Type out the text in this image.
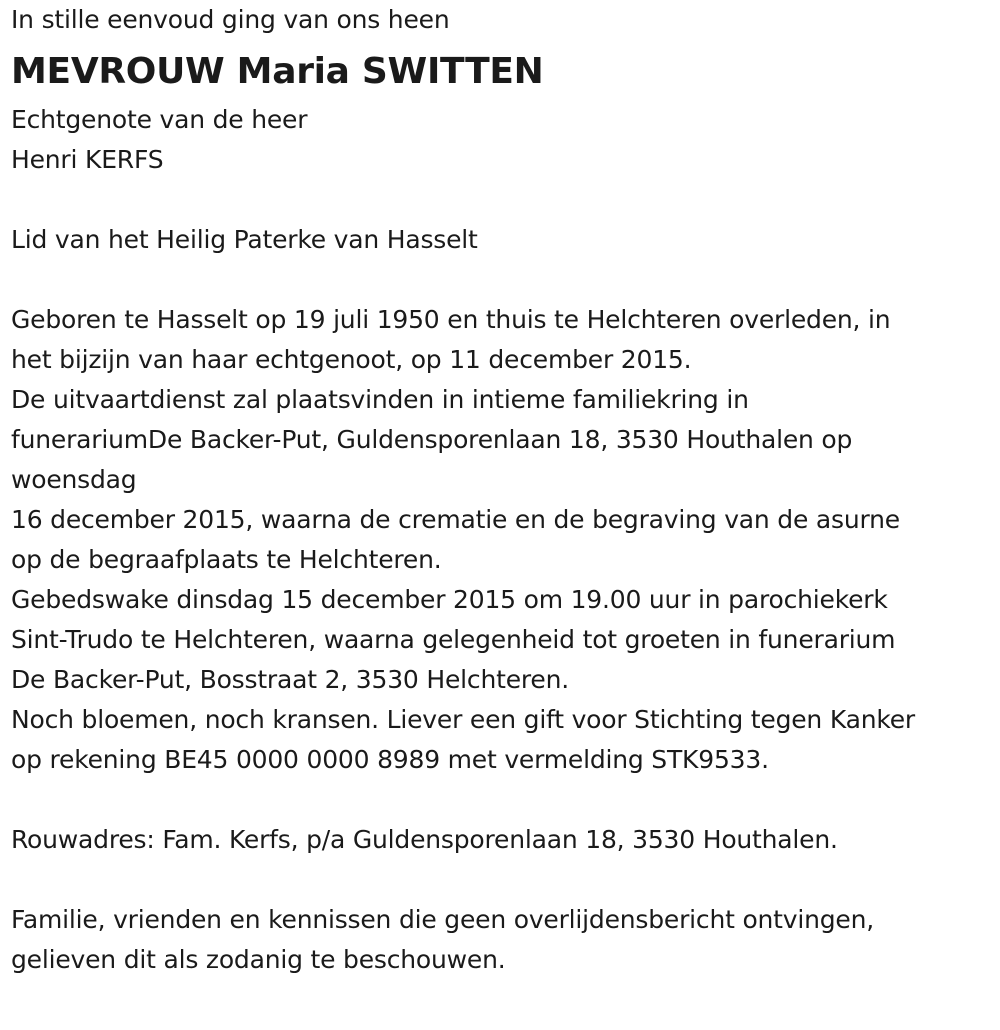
In stille eenvoud ging van ons heen
MEVROUW Maria SWITTEN
Echtgenote van de heer
Henri KERFS
Lid van het Heilig Paterke van Hasselt
Geboren te Hasselt op 19 juli 1950 en thuis te Helchteren overleden, in
het bijzijn van haar echtgenoot, op 11 december 2015.
De uitvaartdienst zal plaatsvinden in intieme familiekring in
funerariumDe Backer-Put, Guldensporenlaan 18, 3530 Houthalen op
woensdag
16 december 2015, waarna de crematie en de begraving van de asurne
op de begraafplaats te Helchteren.
Gebedswake dinsdag 15 december 2015 om 19.00 uur in parochiekerk
Sint-Trudo te Helchteren, waarna gelegenheid tot groeten in funerarium
De Backer-Put, Bosstraat 2, 3530 Helchteren.
Noch bloemen, noch kransen. Liever een gift voor Stichting tegen Kanker
op rekening BE45 0000 0000 8989 met vermelding STK9533.
Rouwadres: Fam. Kerfs, p/a Guldensporenlaan 18, 3530 Houthalen.
Familie, vrienden en kennissen die geen overlijdensbericht ontvingen,
gelieven dit als zodanig te beschouwen.
